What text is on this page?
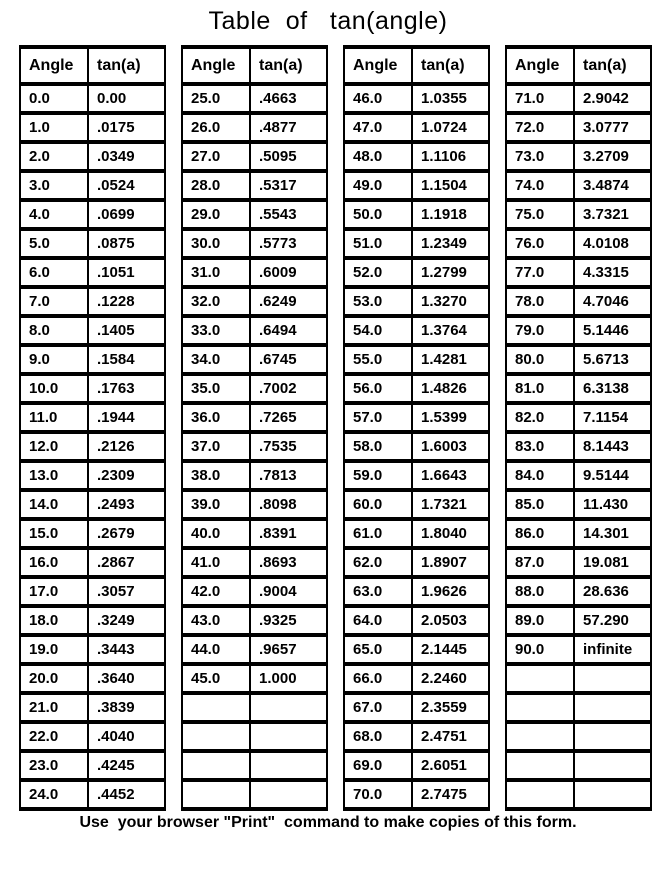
Table  of   tan(angle)
Angle	tan(a)
0.0	0.00
1.0	.0175
2.0	.0349
3.0	.0524
4.0	.0699
5.0	.0875
6.0	.1051
7.0	.1228
8.0	.1405
9.0	.1584
10.0	.1763
11.0	.1944
12.0	.2126
13.0	.2309
14.0	.2493
15.0	.2679
16.0	.2867
17.0	.3057
18.0	.3249
19.0	.3443
20.0	.3640
21.0	.3839
22.0	.4040
23.0	.4245
24.0	.4452
Angle	tan(a)
25.0	.4663
26.0	.4877
27.0	.5095
28.0	.5317
29.0	.5543
30.0	.5773
31.0	.6009
32.0	.6249
33.0	.6494
34.0	.6745
35.0	.7002
36.0	.7265
37.0	.7535
38.0	.7813
39.0	.8098
40.0	.8391
41.0	.8693
42.0	.9004
43.0	.9325
44.0	.9657
45.0	1.000

Angle	tan(a)
46.0	1.0355
47.0	1.0724
48.0	1.1106
49.0	1.1504
50.0	1.1918
51.0	1.2349
52.0	1.2799
53.0	1.3270
54.0	1.3764
55.0	1.4281
56.0	1.4826
57.0	1.5399
58.0	1.6003
59.0	1.6643
60.0	1.7321
61.0	1.8040
62.0	1.8907
63.0	1.9626
64.0	2.0503
65.0	2.1445
66.0	2.2460
67.0	2.3559
68.0	2.4751
69.0	2.6051
70.0	2.7475
Angle	tan(a)
71.0	2.9042
72.0	3.0777
73.0	3.2709
74.0	3.4874
75.0	3.7321
76.0	4.0108
77.0	4.3315
78.0	4.7046
79.0	5.1446
80.0	5.6713
81.0	6.3138
82.0	7.1154
83.0	8.1443
84.0	9.5144
85.0	11.430
86.0	14.301
87.0	19.081
88.0	28.636
89.0	57.290
90.0	infinite

Use  your browser "Print"  command to make copies of this form.
